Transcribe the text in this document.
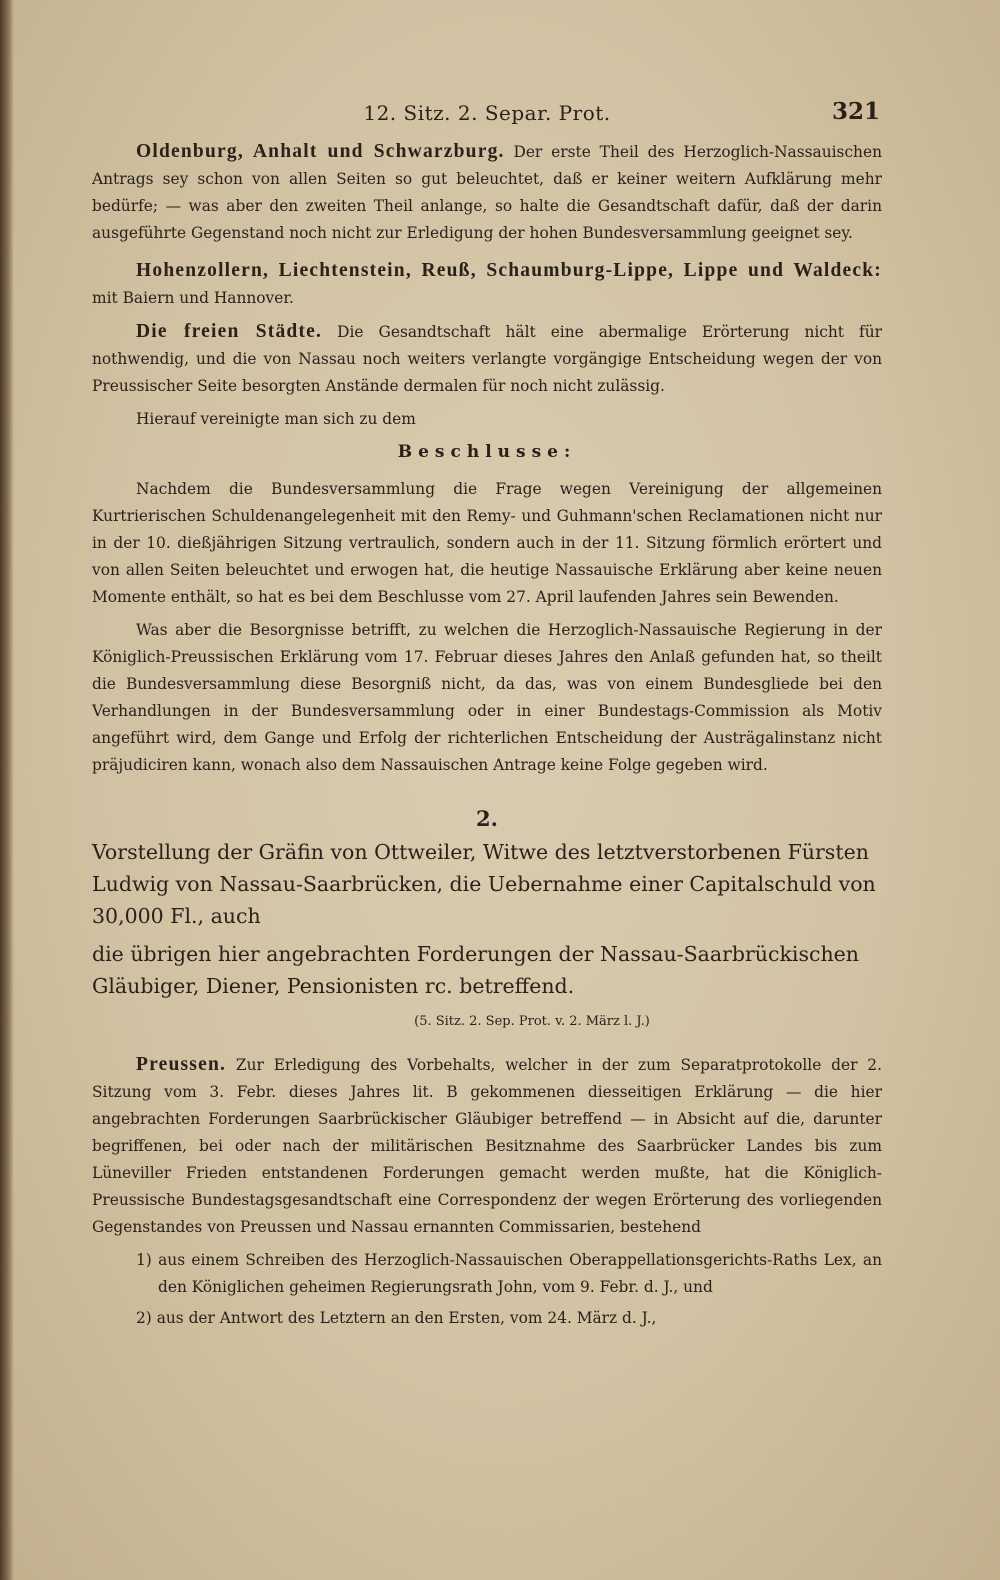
12. Sitz. 2. Separ. Prot.	321

Oldenburg, Anhalt und Schwarzburg. Der erste Theil des Herzoglich-Nassauischen Antrags sey schon von allen Seiten so gut beleuchtet, daß er keiner weitern Aufklärung mehr bedürfe; — was aber den zweiten Theil anlange, so halte die Gesandtschaft dafür, daß der darin ausgeführte Gegenstand noch nicht zur Erledigung der hohen Bundesversammlung geeignet sey.

Hohenzollern, Liechtenstein, Reuß, Schaumburg-Lippe, Lippe und Waldeck: mit Baiern und Hannover.

Die freien Städte. Die Gesandtschaft hält eine abermalige Erörterung nicht für nothwendig, und die von Nassau noch weiters verlangte vorgängige Entscheidung wegen der von Preussischer Seite besorgten Anstände dermalen für noch nicht zulässig.

Hierauf vereinigte man sich zu dem

Beschlusse:

Nachdem die Bundesversammlung die Frage wegen Vereinigung der allgemeinen Kurtrierischen Schuldenangelegenheit mit den Remy- und Guhmann'schen Reclamationen nicht nur in der 10. dießjährigen Sitzung vertraulich, sondern auch in der 11. Sitzung förmlich erörtert und von allen Seiten beleuchtet und erwogen hat, die heutige Nassauische Erklärung aber keine neuen Momente enthält, so hat es bei dem Beschlusse vom 27. April laufenden Jahres sein Bewenden.

Was aber die Besorgnisse betrifft, zu welchen die Herzoglich-Nassauische Regierung in der Königlich-Preussischen Erklärung vom 17. Februar dieses Jahres den Anlaß gefunden hat, so theilt die Bundesversammlung diese Besorgniß nicht, da das, was von einem Bundesgliede bei den Verhandlungen in der Bundesversammlung oder in einer Bundestags-Commission als Motiv angeführt wird, dem Gange und Erfolg der richterlichen Entscheidung der Austrägalinstanz nicht präjudiciren kann, wonach also dem Nassauischen Antrage keine Folge gegeben wird.

2.
Vorstellung der Gräfin von Ottweiler, Witwe des letztverstorbenen Fürsten Ludwig von Nassau-Saarbrücken, die Uebernahme einer Capitalschuld von 30,000 Fl., auch
die übrigen hier angebrachten Forderungen der Nassau-Saarbrückischen Gläubiger, Diener, Pensionisten rc. betreffend.
(5. Sitz. 2. Sep. Prot. v. 2. März l. J.)

Preussen. Zur Erledigung des Vorbehalts, welcher in der zum Separatprotokolle der 2. Sitzung vom 3. Febr. dieses Jahres lit. B gekommenen diesseitigen Erklärung — die hier angebrachten Forderungen Saarbrückischer Gläubiger betreffend — in Absicht auf die, darunter begriffenen, bei oder nach der militärischen Besitznahme des Saarbrücker Landes bis zum Lüneviller Frieden entstandenen Forderungen gemacht werden mußte, hat die Königlich-Preussische Bundestagsgesandtschaft eine Correspondenz der wegen Erörterung des vorliegenden Gegenstandes von Preussen und Nassau ernannten Commissarien, bestehend

1) aus einem Schreiben des Herzoglich-Nassauischen Oberappellationsgerichts-Raths Lex, an den Königlichen geheimen Regierungsrath John, vom 9. Febr. d. J., und

2) aus der Antwort des Letztern an den Ersten, vom 24. März d. J.,
